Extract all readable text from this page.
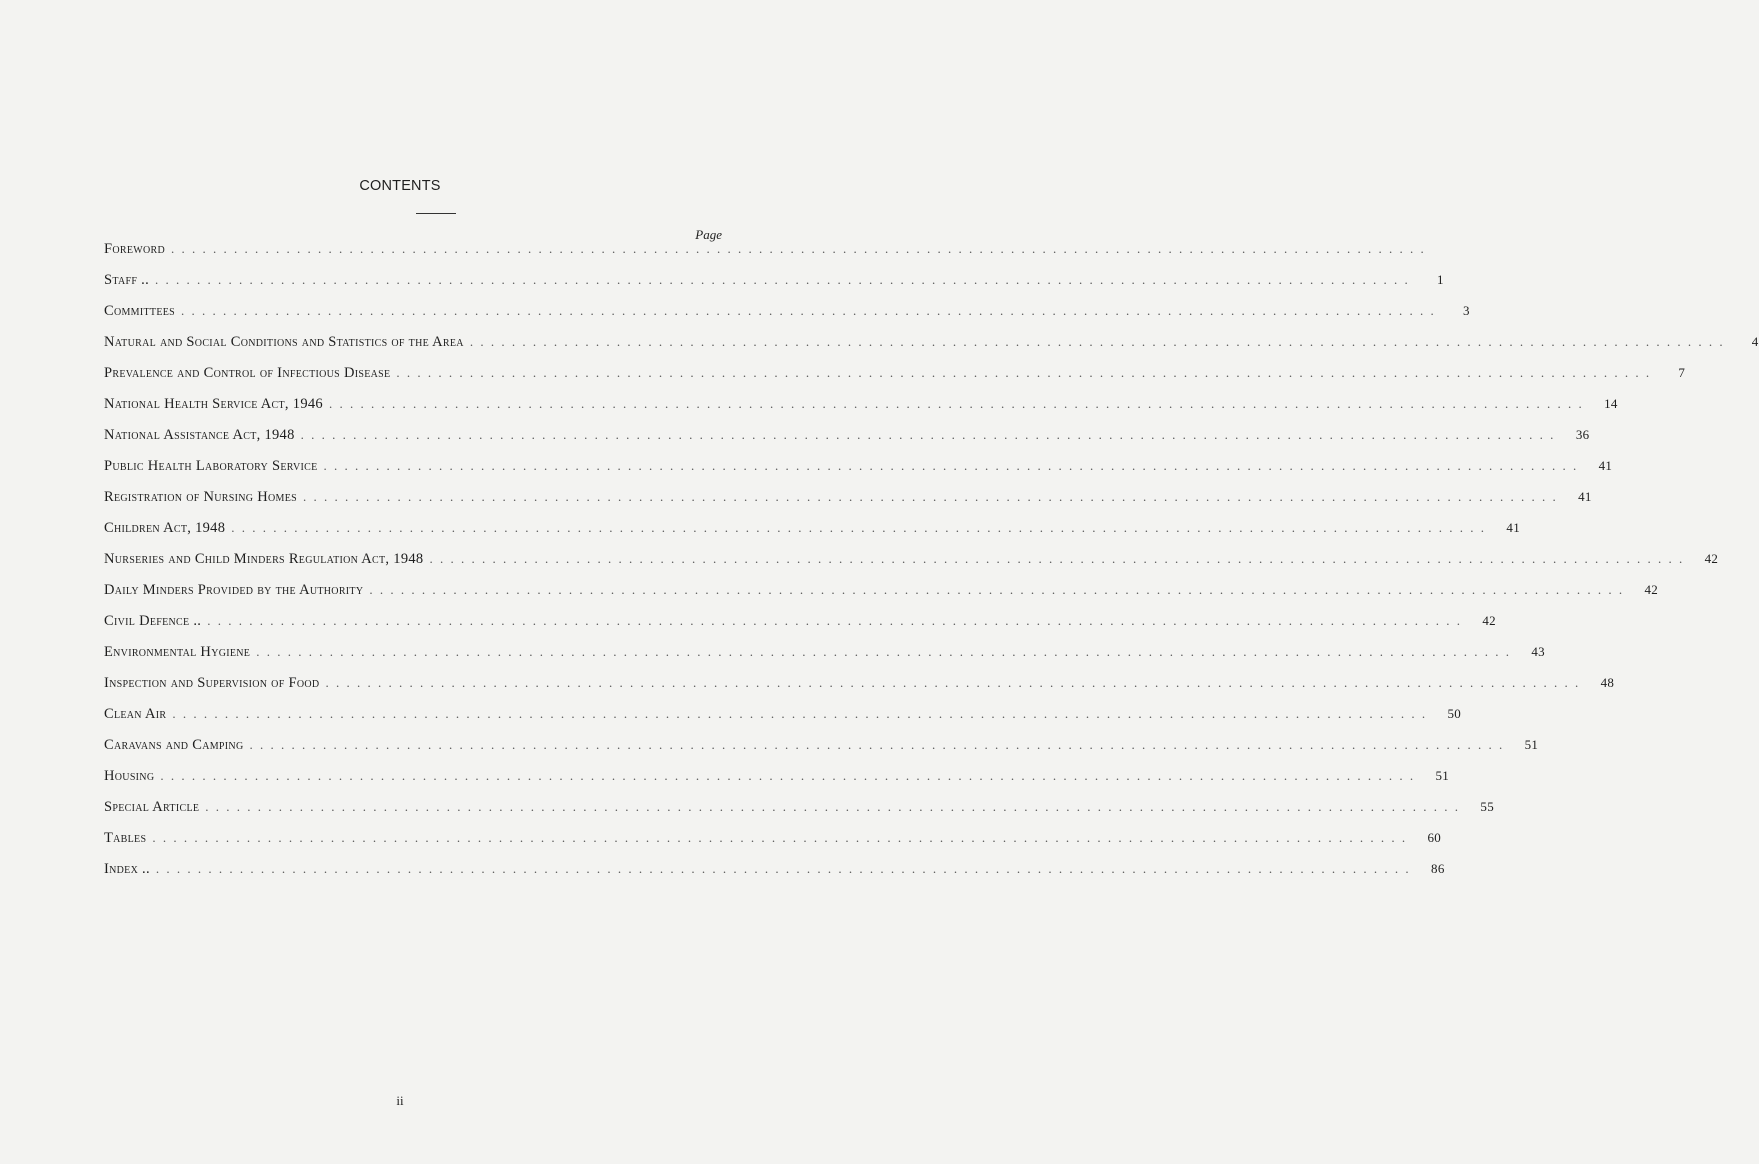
CONTENTS
Page
Foreword . . . . . . . . . . . . . . . . . . . . . . . . . . . . . . . . . . . . . . . . . . . . . . . . . . . . . . . . . . . . . . . . . . . . . . . . . . . . . . . . . . . . . . . . . . . . . . . . . . . . . . . . . . . . . . . . . . . . . . . .
Staff .. . . . . . . . . . . . . . . . . . . . . . . . . . . . . . . . . . . . . . . . . . . . . . . . . . . . . . . . . . . . . . . . . . . . . . . . . . . . . . . . . . . . . . . . . . . . . . . . . . . . . . . . . . . . . . . . . . . . . . . . .	1
Committees . . . . . . . . . . . . . . . . . . . . . . . . . . . . . . . . . . . . . . . . . . . . . . . . . . . . . . . . . . . . . . . . . . . . . . . . . . . . . . . . . . . . . . . . . . . . . . . . . . . . . . . . . . . . . . . . . . . . . . . .	3
Natural and Social Conditions and Statistics of the Area . . . . . . . . . . . . . . . . . . . . . . . . . . . . . . . . . . . . . . . . . . . . . . . . . . . . . . . . . . . . . . . . . . . . . . . . . . . . . . . . . . . . . . . . . . . . . . . . . . . . . . . . . . . . . . . . . . . . . . . .	4
Prevalence and Control of Infectious Disease . . . . . . . . . . . . . . . . . . . . . . . . . . . . . . . . . . . . . . . . . . . . . . . . . . . . . . . . . . . . . . . . . . . . . . . . . . . . . . . . . . . . . . . . . . . . . . . . . . . . . . . . . . . . . . . . . . . . . . . .	7
National Health Service Act, 1946 . . . . . . . . . . . . . . . . . . . . . . . . . . . . . . . . . . . . . . . . . . . . . . . . . . . . . . . . . . . . . . . . . . . . . . . . . . . . . . . . . . . . . . . . . . . . . . . . . . . . . . . . . . . . . . . . . . . . . . . .	14
National Assistance Act, 1948 . . . . . . . . . . . . . . . . . . . . . . . . . . . . . . . . . . . . . . . . . . . . . . . . . . . . . . . . . . . . . . . . . . . . . . . . . . . . . . . . . . . . . . . . . . . . . . . . . . . . . . . . . . . . . . . . . . . . . . . .	36
Public Health Laboratory Service . . . . . . . . . . . . . . . . . . . . . . . . . . . . . . . . . . . . . . . . . . . . . . . . . . . . . . . . . . . . . . . . . . . . . . . . . . . . . . . . . . . . . . . . . . . . . . . . . . . . . . . . . . . . . . . . . . . . . . . .	41
Registration of Nursing Homes . . . . . . . . . . . . . . . . . . . . . . . . . . . . . . . . . . . . . . . . . . . . . . . . . . . . . . . . . . . . . . . . . . . . . . . . . . . . . . . . . . . . . . . . . . . . . . . . . . . . . . . . . . . . . . . . . . . . . . . .	41
Children Act, 1948 . . . . . . . . . . . . . . . . . . . . . . . . . . . . . . . . . . . . . . . . . . . . . . . . . . . . . . . . . . . . . . . . . . . . . . . . . . . . . . . . . . . . . . . . . . . . . . . . . . . . . . . . . . . . . . . . . . . . . . . .	41
Nurseries and Child Minders Regulation Act, 1948 . . . . . . . . . . . . . . . . . . . . . . . . . . . . . . . . . . . . . . . . . . . . . . . . . . . . . . . . . . . . . . . . . . . . . . . . . . . . . . . . . . . . . . . . . . . . . . . . . . . . . . . . . . . . . . . . . . . . . . . .	42
Daily Minders Provided by the Authority . . . . . . . . . . . . . . . . . . . . . . . . . . . . . . . . . . . . . . . . . . . . . . . . . . . . . . . . . . . . . . . . . . . . . . . . . . . . . . . . . . . . . . . . . . . . . . . . . . . . . . . . . . . . . . . . . . . . . . . .	42
Civil Defence .. . . . . . . . . . . . . . . . . . . . . . . . . . . . . . . . . . . . . . . . . . . . . . . . . . . . . . . . . . . . . . . . . . . . . . . . . . . . . . . . . . . . . . . . . . . . . . . . . . . . . . . . . . . . . . . . . . . . . . . . .	42
Environmental Hygiene . . . . . . . . . . . . . . . . . . . . . . . . . . . . . . . . . . . . . . . . . . . . . . . . . . . . . . . . . . . . . . . . . . . . . . . . . . . . . . . . . . . . . . . . . . . . . . . . . . . . . . . . . . . . . . . . . . . . . . . .	43
Inspection and Supervision of Food . . . . . . . . . . . . . . . . . . . . . . . . . . . . . . . . . . . . . . . . . . . . . . . . . . . . . . . . . . . . . . . . . . . . . . . . . . . . . . . . . . . . . . . . . . . . . . . . . . . . . . . . . . . . . . . . . . . . . . . .	48
Clean Air . . . . . . . . . . . . . . . . . . . . . . . . . . . . . . . . . . . . . . . . . . . . . . . . . . . . . . . . . . . . . . . . . . . . . . . . . . . . . . . . . . . . . . . . . . . . . . . . . . . . . . . . . . . . . . . . . . . . . . . .	50
Caravans and Camping . . . . . . . . . . . . . . . . . . . . . . . . . . . . . . . . . . . . . . . . . . . . . . . . . . . . . . . . . . . . . . . . . . . . . . . . . . . . . . . . . . . . . . . . . . . . . . . . . . . . . . . . . . . . . . . . . . . . . . . .	51
Housing . . . . . . . . . . . . . . . . . . . . . . . . . . . . . . . . . . . . . . . . . . . . . . . . . . . . . . . . . . . . . . . . . . . . . . . . . . . . . . . . . . . . . . . . . . . . . . . . . . . . . . . . . . . . . . . . . . . . . . . .	51
Special Article . . . . . . . . . . . . . . . . . . . . . . . . . . . . . . . . . . . . . . . . . . . . . . . . . . . . . . . . . . . . . . . . . . . . . . . . . . . . . . . . . . . . . . . . . . . . . . . . . . . . . . . . . . . . . . . . . . . . . . . .	55
Tables . . . . . . . . . . . . . . . . . . . . . . . . . . . . . . . . . . . . . . . . . . . . . . . . . . . . . . . . . . . . . . . . . . . . . . . . . . . . . . . . . . . . . . . . . . . . . . . . . . . . . . . . . . . . . . . . . . . . . . . .	60
Index .. . . . . . . . . . . . . . . . . . . . . . . . . . . . . . . . . . . . . . . . . . . . . . . . . . . . . . . . . . . . . . . . . . . . . . . . . . . . . . . . . . . . . . . . . . . . . . . . . . . . . . . . . . . . . . . . . . . . . . . . .	86
ii
